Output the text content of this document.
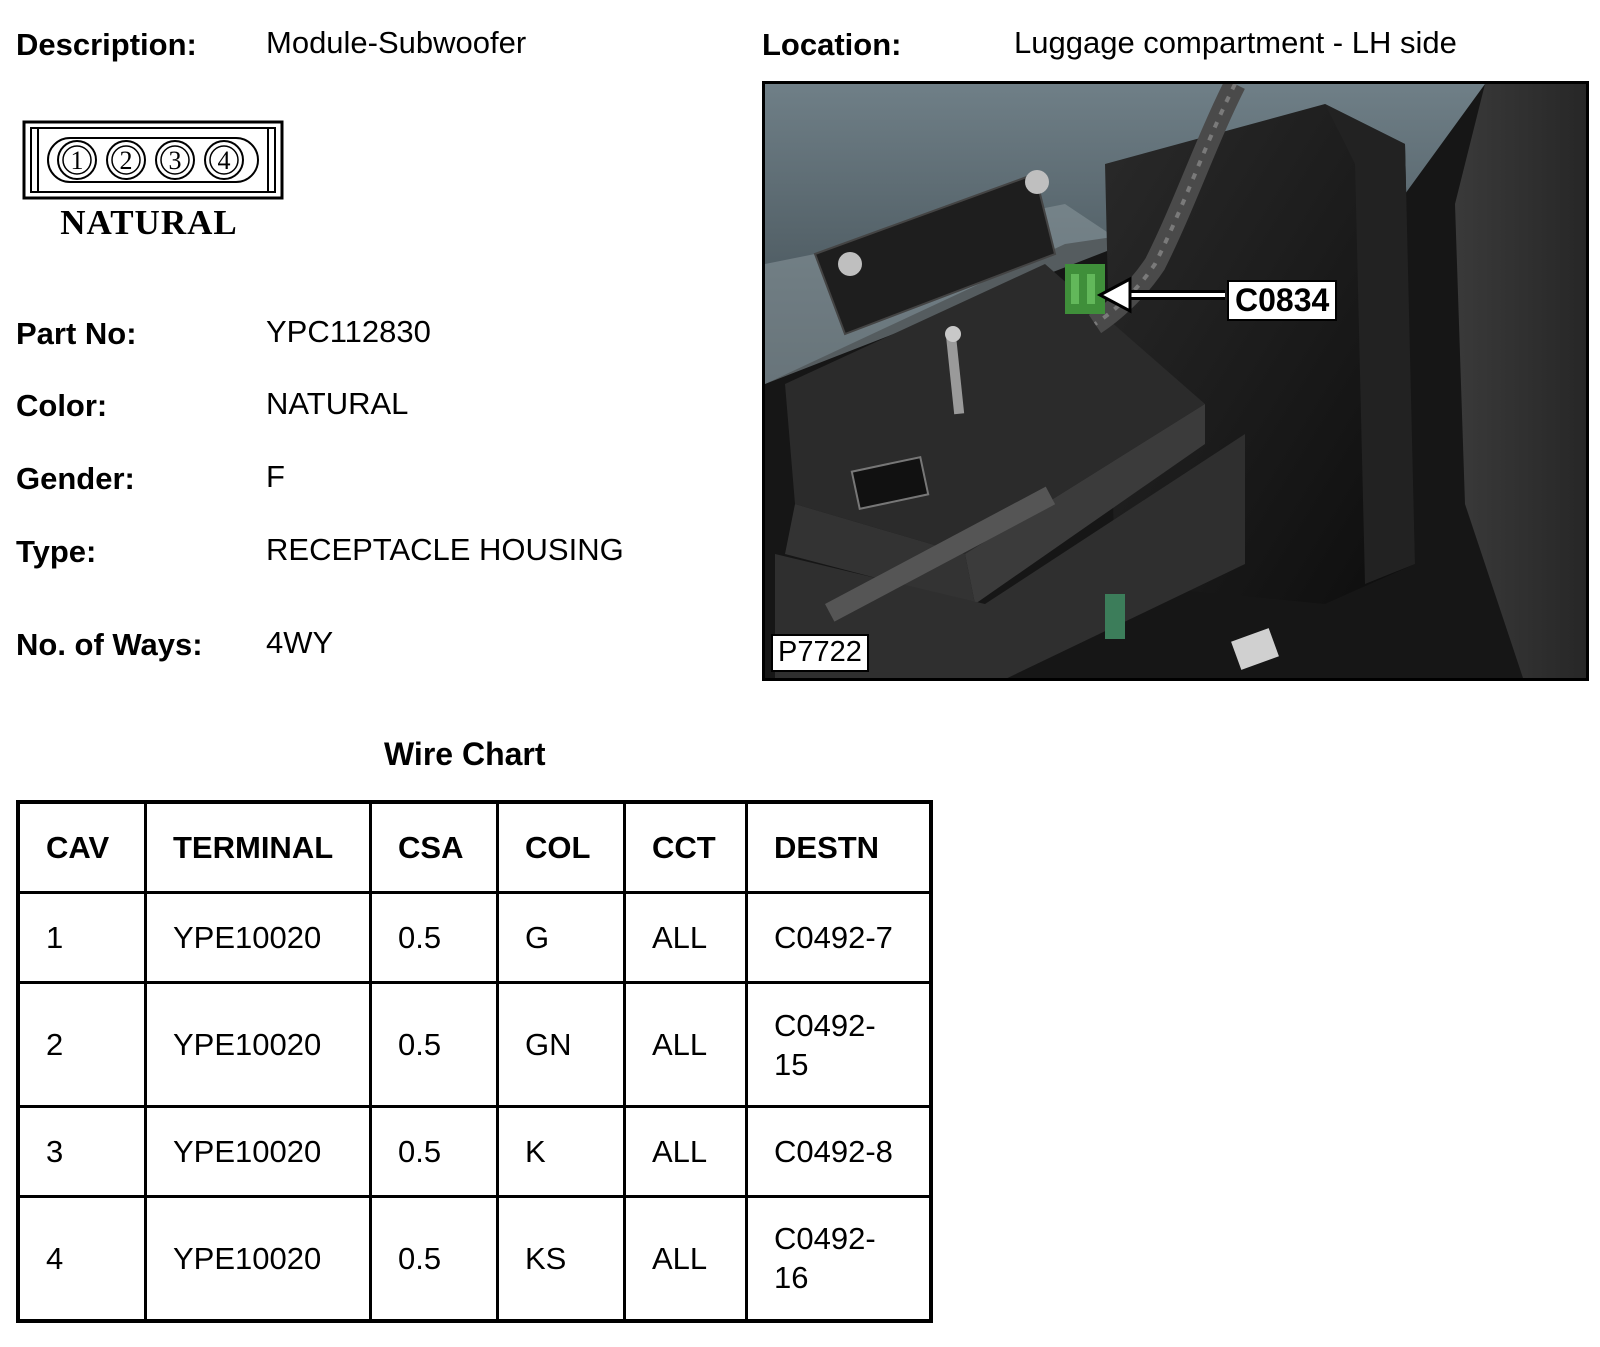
Description: Module-Subwoofer	Location:	Luggage compartment - LH side
1 2 3 4
NATURAL
Part No:	YPC112830
Color:	NATURAL
Gender:	F
Type:	RECEPTACLE HOUSING
No. of Ways: 4WY
C0834
P7722
Wire Chart
CAV	TERMINAL	CSA	COL	CCT	DESTN
1	YPE10020	0.5	G	ALL	C0492-7
2	YPE10020	0.5	GN	ALL	C0492-
15
3	YPE10020	0.5	K	ALL	C0492-8
4	YPE10020	0.5	KS	ALL	C0492-
16
